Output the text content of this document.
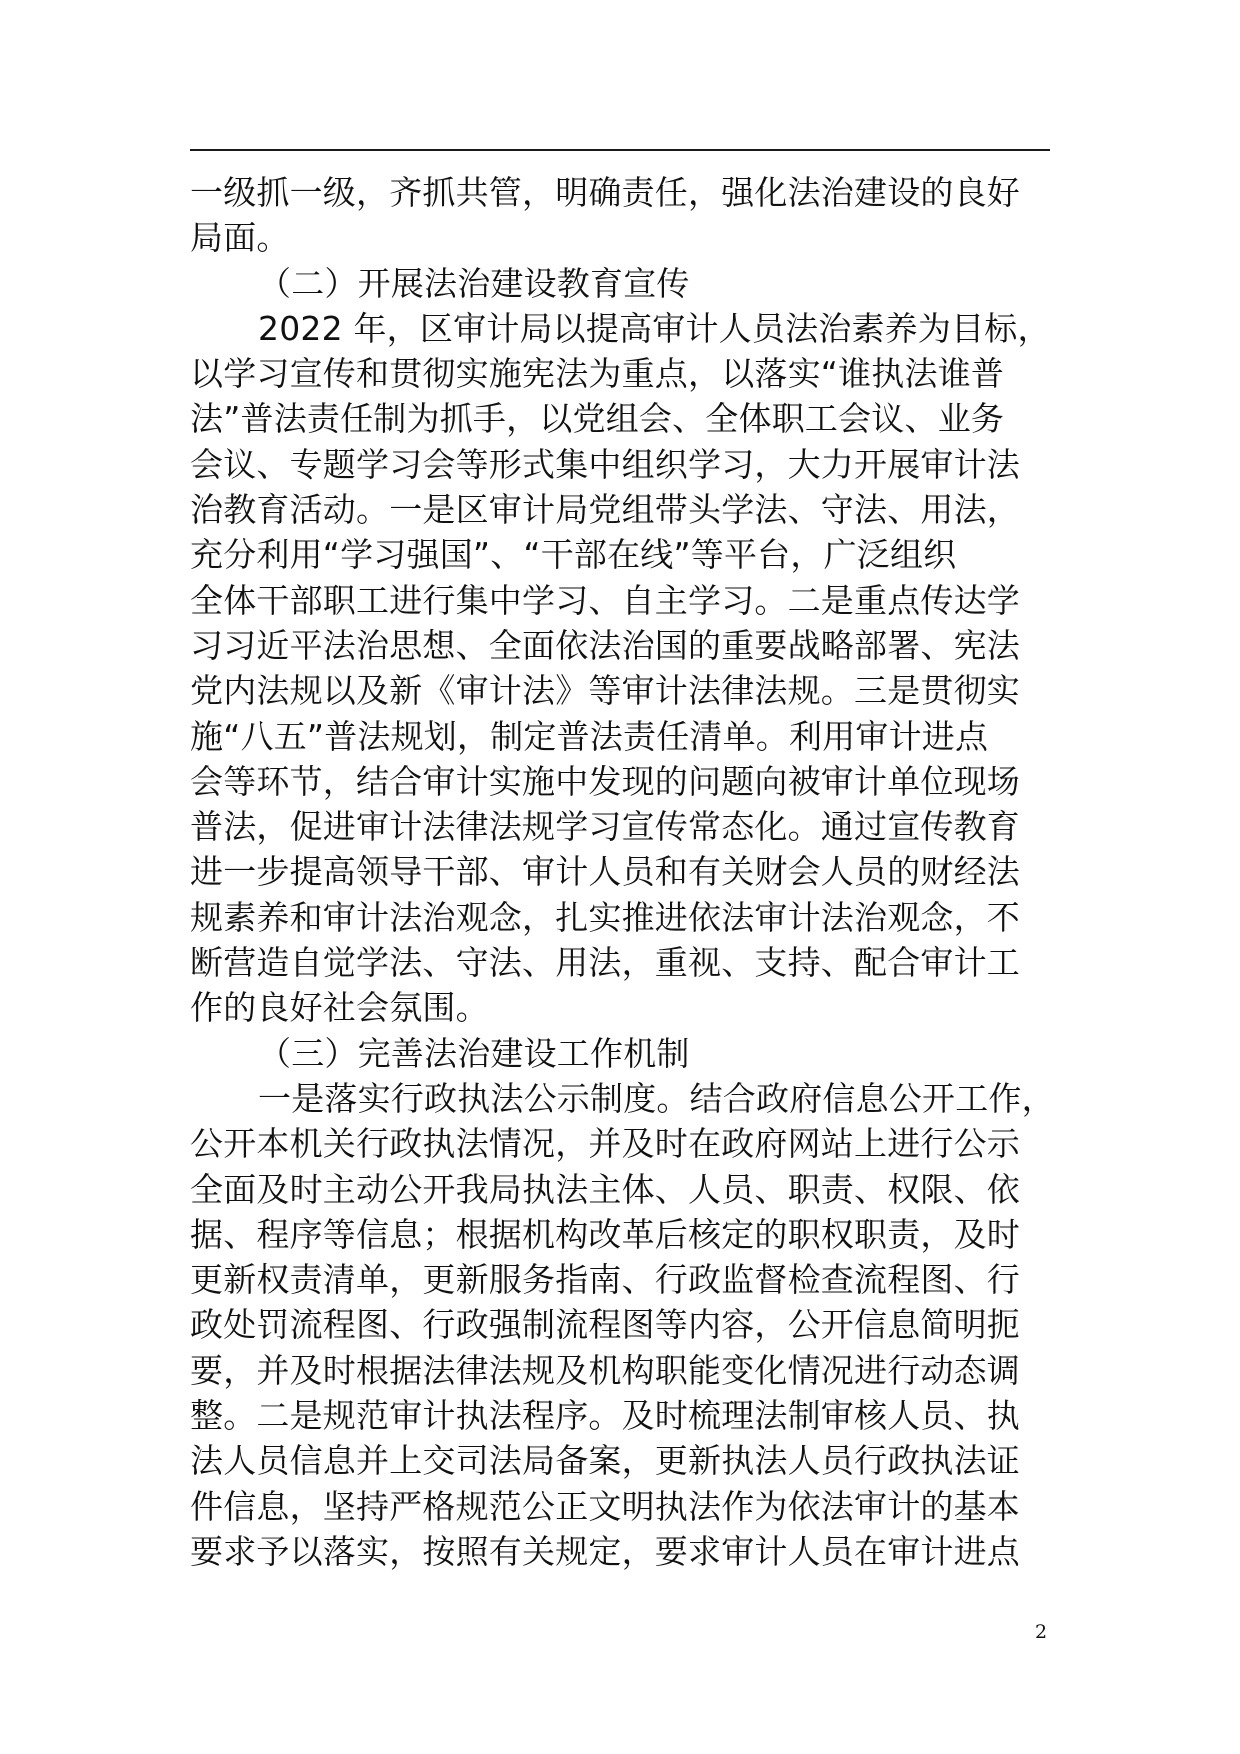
一级抓一级，齐抓共管，明确责任，强化法治建设的良好
局面。
（二）开展法治建设教育宣传
2022 年，区审计局以提高审计人员法治素养为目标，
以学习宣传和贯彻实施宪法为重点，以落实“谁执法谁普
法”普法责任制为抓手，以党组会、全体职工会议、业务
会议、专题学习会等形式集中组织学习，大力开展审计法
治教育活动。一是区审计局党组带头学法、守法、用法，
充分利用“学习强国”、“干部在线”等平台，广泛组织
全体干部职工进行集中学习、自主学习。二是重点传达学
习习近平法治思想、全面依法治国的重要战略部署、宪法
党内法规以及新《审计法》等审计法律法规。三是贯彻实
施“八五”普法规划，制定普法责任清单。利用审计进点
会等环节，结合审计实施中发现的问题向被审计单位现场
普法，促进审计法律法规学习宣传常态化。通过宣传教育
进一步提高领导干部、审计人员和有关财会人员的财经法
规素养和审计法治观念，扎实推进依法审计法治观念，不
断营造自觉学法、守法、用法，重视、支持、配合审计工
作的良好社会氛围。
（三）完善法治建设工作机制
一是落实行政执法公示制度。结合政府信息公开工作，
公开本机关行政执法情况，并及时在政府网站上进行公示
全面及时主动公开我局执法主体、人员、职责、权限、依
据、程序等信息；根据机构改革后核定的职权职责，及时
更新权责清单，更新服务指南、行政监督检查流程图、行
政处罚流程图、行政强制流程图等内容，公开信息简明扼
要，并及时根据法律法规及机构职能变化情况进行动态调
整。二是规范审计执法程序。及时梳理法制审核人员、执
法人员信息并上交司法局备案，更新执法人员行政执法证
件信息，坚持严格规范公正文明执法作为依法审计的基本
要求予以落实，按照有关规定，要求审计人员在审计进点
2
